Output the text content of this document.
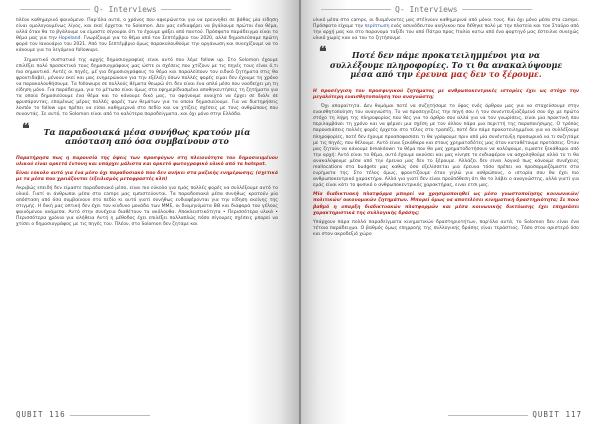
Q- Interviews

πλέον καθημερινό φαινόμενο. Παρ'όλα αυτά, ο χρόνος που αφιερώνεται για να ερευνηθεί σε βάθος μία είδηση είναι ομολογουμένως λίγος, και εκεί έρχεται το Solomon. Δεν μας ενδιαφέρει να βγάλουμε πρώτοι ένα θέμα, αλλά όταν θα το βγάλουμε να είμαστε σίγουροι ότι το έχουμε ψάξει από παντού. Πρόσφατο παράδειγμα είναι το θέμα μας για την Hopeland. Γνωρίζουμε για το θέμα από τον Σεπτέμβριο του 2020, αλλά δημοσιεύσαμε πρώτη φορά τον Ιανουάριο του 2021. Από τον Σεπτέμβριο όμως παρακολουθούμε την οργάνωση και συνεχίζουμε να το κάνουμε για τα λεγόμενα followups.

Σημαντικό συστατικό της αρχής δημοσιογραφίας είναι αυτό που λέμε follow up. Στο Solomon έχουμε επιλέξει πολύ προσεκτικά τους δημοσιογράφους μας ώστε οι σχέσεις που χτίζουν με τις πηγές τους είναι ό,τι πιο σημαντικό. Αυτές οι πηγές, μέ για δημοσιογράφους το θέμα και παραλείπουν τον ειδικό ζητήματα στις θα φροντιδαβεί, μένουν εκεί και μας ενημερώνουν για την εξέλιξη όσων πολλές φορές είμαι δεν έχουμε τη χρόνο να παρακολουθήσουμε. Τα followups σε πολλούς θέματα θεωρώ ότι δεν είναι ένα απλό μέσο που ναοδείχει μη τη είδηση μόνο. Για παράδειγμα, για το μέτωπο είναι όμως στα εφημερίδιασμένα αποθηκευτήσεις τη ζητήματα για τα οποία δημοσιεύουμε ένα θέμα και το κάνουμε δικό μας, τα αφήνουμε ανοιχτά να έρχει σε διάλι σε φρυσάροντας, επομένως μέρος πολλές φορές των θεμάτων για τα οποία δημοσιεύουμε. Για να διατηρήσεις λοιπόν το follow ups πρέπει να είσαι καθημερινά στο πεδίο και να χτίζεις σχέσεις με τους ανθρώπους που συναντάς. Σε αυτό, το Solomon είναι από τα καλύτερα παραδείγματα, και όχι μόνο στην Ελλάδα.

❝ Τα παραδοσιακά μέσα συνήθως κρατούν μία απόσταση από όσα συμβαίνουν στο

Παρατήρησα πως η παρουσία της όψεις των προσφύγων στη πλειονότητα του δημοσιευμένου υλικού είναι αρκετά έντονη και υπάρχει μάλιστα και αρκετό φωτογραφικό υλικό από τα hotspot.

Είναι εύκολο αυτό για ένα μέσο όχι παραδοσιακό που δεν ανήκει στα μαζικής ενημέρωσης; (σχετικά με τα μέσα που χρειάζονται (εξειλισμός μεταφραστές κλπ)

Ακριβώς επειδή δεν είμαστε παραδοσιακό μέσο, είναι πιο εύκολο για εμάς πολλές φορές να συλλέξουμε αυτό το υλικό. Γιατί οι άνθρωποι μέσα στα camps μας εμπιστεύονται. Τα παραδοσιακά μέσα συνήθως κρατούν μία απόσταση από όσα συμβαίνουν στο πεδίο κι αυτό γιατί συνήθως ενδιαφέρονται για την είδηση εκείνης της στιγμής. Η δική μας οπτική δεν έχει τον κίνδυνο μονάδα των ΜΜΕ, οι διαμηνύματα ΒΘ και διαφορά του γέλους φαινόμενου ανάμεσα. Αυτό στην συνέχεια διαθέτουν τα ακόλουθα. Αποκλειστικότητα • Περισσότερα υλικά • Περισσότερα χρόνια για αλήθεια Αυτή η μέθοδος έχει επιλέξει πολλαπλώς πόσο σίγουρες σχέσεις μπορεί να χτίσει ο δημοσιογράφος με τις πηγές του. Πλέον, στο Solomon δεν ζητάμε και

QUBIT 116
Q- Interviews

υλικό μέσα στα camps, οι διαμένοντες μας στέλνουν καθημερινά από μόνοι τους. Και όχι μόνο μέσα στα camps. Πρόσφατο είχαμε την περίπτωση ενός ασυνόδευτου ανήλικου που δέθηκε πολύ με την πλατεία και τον Σταύρο από την αρχή μας και στο παρανομο ταξίδι του από Πάτρα προς Ιταλία κατω από ένα φορτηγό μας έστειλνε συνεχώς υλικό χωρίς καν να του το ζητήσουμε.

❝	Ποτέ δεν πάμε προκατειλημμένοι για να συλλέξουμε πληροφορίες. Το τι θα ανακαλύψουμε μέσα από την έρευνα μας δεν το ξέρουμε.

Η προσέγγιση του προσφυγικού ζητήματος με ανθρωποκεντρικές ιστορίες έχει ως στόχο την μεγαλύτερη ευαισθητοποίηση του αναγνώστη;

Όχι απαραίτητα. Δεν θυμάμαι ποτέ να συζητήσαμε το ύφος ενός άρθρου μας για να στοχεύσουμε στην ευαισθητοποίηση του αναγνώστη. Το να προσεγγίζεις την πηγή σου ή τον συνεντευξιαζόμενό σου όχι με πρώτο στόχο τη λήψη της πληροφορίας που θες για το άρθρο σου αλλά για να τον γνωρίσεις, είναι μια πρακτική που περιλαμβάνει τη χρόνο και να φέρνει μια σχέση με τον άλλον πάρα μια περιττή της παραποιήσιμης. Ο τρόπος παρουσιάσεις πολλές φορές έρχεται στο τέλος στο τραπέζι, ποτέ δεν πάμε προκατειλημμένοι για να συλλέξουμε πληροφορίες, ποτέ δεν έχουμε προαποφασίσει τι θα γράψουμε πριν από μία συνέντευξη προσωρινά να τι συζητάμε με τις πηγές, που θέλουμε. Αυτό είναι ξεκάθαρο και στους χρηματοδότες μας όταν καταθέτουμε προτάσεις. Όταν μας ζητούν να κάνουμε breakdown το θέμα που θα μας χρηματοδοτήσουν να καλύψουμε, ειμαστε ξεκάθαροι από την αρχή: Αυτό είναι το θέμα, αυτό έχουμε ακούσει και μας κίνησε το ενδιαφέρον να ασχοληθούμε αλλά το τι θα ανακαλύψουμε μέσα από την έρευνα μας δεν το ξέρουμε. Αλλάζει δεν είναι λογικό πως κάνουμε συνέχειες reallocations στα budgets μας καθώς όσο εξελίσσεται μια έρευνα τόσο πρέπει να προσαρμοζόμαστε στα ευρήματα της. Στο τέλος όμως, φροντίζουμε όταν γηλώ για ανθρώπους, ο ιστορία σου θα έχει πιο ανθρωποκεντρικό χαρακτήρα. Αλλά για γιατί δεν είναι προϋπόθεση ότι θα το λάβει ο αναγνώστης, αλλά γιατί για εμάς είναι κάτι το φυσικό ο ανθρωποκεντρικός χαρακτήρας, ειναι ετσι μας.

Μία διαδικτυακή πλατφόρμα μπορεί να χρησιμοποιηθεί ως μέσο γνωστοποίησης κοινωνικών/ πολιτικών/ οικονομικών ζητημάτων. Μπορεί όμως να αποτελέσει κινηματική δραστηριότητα; Σε ποιο βαθμό η υπαρξη διαδικτυακών πλατφορμών και μέσα κοινωνικής δικτύωσης έχει επηρεάσει χαρακτηριστικά της συλλογικής δράσης;

Υπάρχουν πάρα πολλά παραδείγματα κινηματικών δραστηριοτήτων, παρ'όλα αυτά, το Solomon δεν είναι ένα τέτοιο παράδειγμα. Ο βαθμός όμως επηρροής της συλλογικής δράσης είναι τεράστιος. Τόσο στον αριστερό όσο και στον ακροδεξιό χώρο

QUBIT 117
